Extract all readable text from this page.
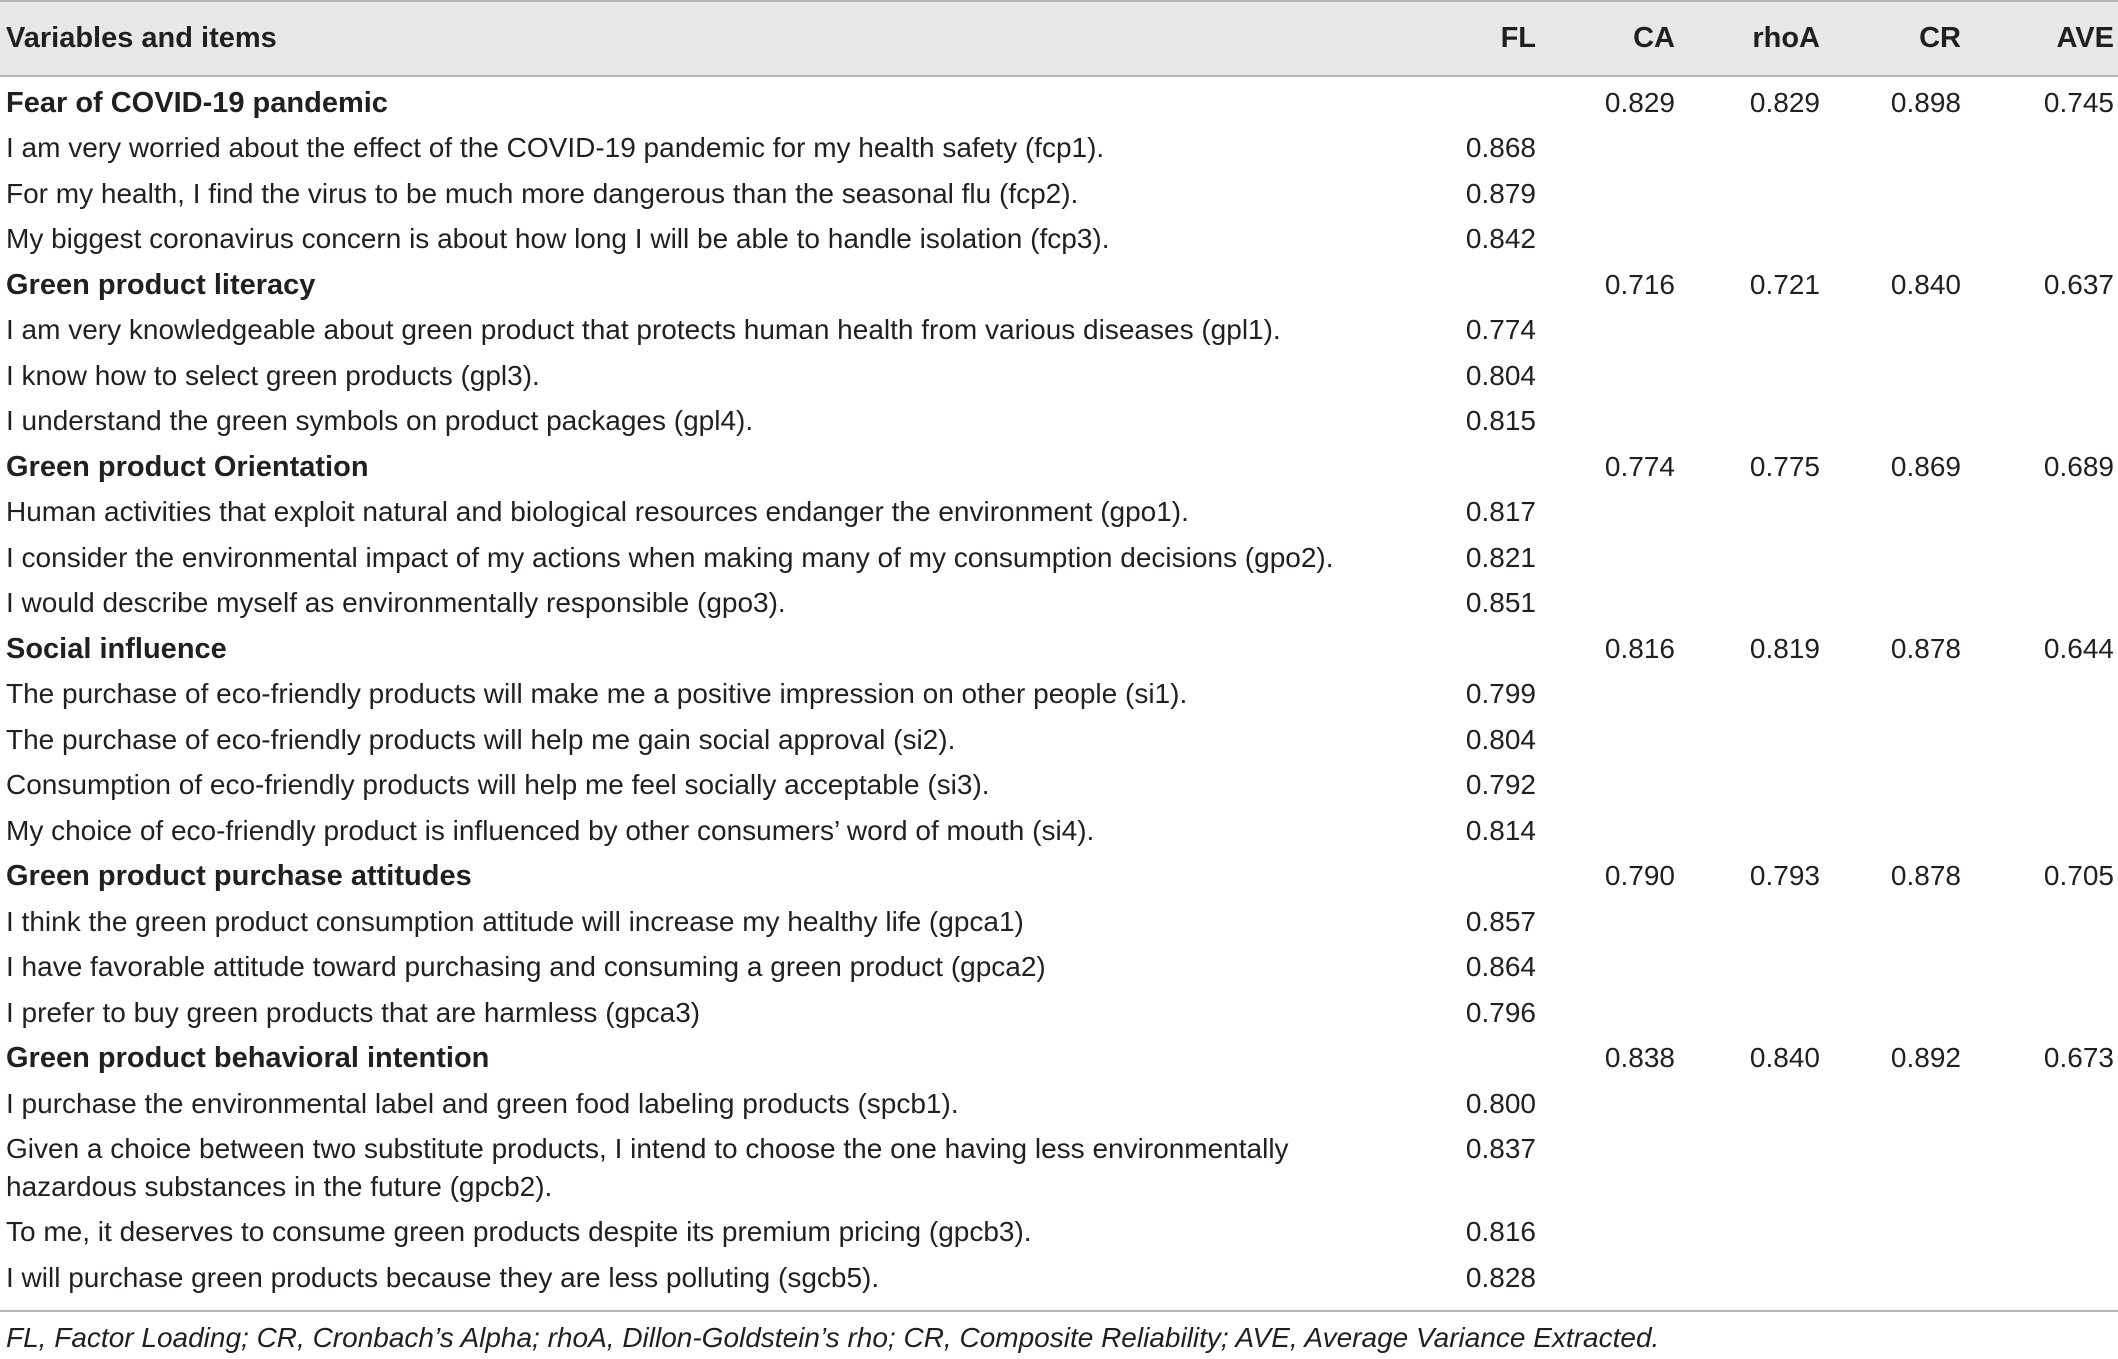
Variables and items	FL	CA	rhoA	CR	AVE
Fear of COVID-19 pandemic		0.829	0.829	0.898	0.745

I am very worried about the effect of the COVID-19 pandemic for my health safety (fcp1).	0.868				

For my health, I find the virus to be much more dangerous than the seasonal flu (fcp2).	0.879				

My biggest coronavirus concern is about how long I will be able to handle isolation (fcp3).	0.842				
Green product literacy		0.716	0.721	0.840	0.637

I am very knowledgeable about green product that protects human health from various diseases (gpl1).	0.774				

I know how to select green products (gpl3).	0.804				

I understand the green symbols on product packages (gpl4).	0.815				
Green product Orientation		0.774	0.775	0.869	0.689

Human activities that exploit natural and biological resources endanger the environment (gpo1).	0.817				

I consider the environmental impact of my actions when making many of my consumption decisions (gpo2).	0.821				

I would describe myself as environmentally responsible (gpo3).	0.851				
Social influence		0.816	0.819	0.878	0.644

The purchase of eco-friendly products will make me a positive impression on other people (si1).	0.799				

The purchase of eco-friendly products will help me gain social approval (si2).	0.804				

Consumption of eco-friendly products will help me feel socially acceptable (si3).	0.792				

My choice of eco-friendly product is influenced by other consumers’ word of mouth (si4).	0.814				
Green product purchase attitudes		0.790	0.793	0.878	0.705

I think the green product consumption attitude will increase my healthy life (gpca1)	0.857				

I have favorable attitude toward purchasing and consuming a green product (gpca2)	0.864				

I prefer to buy green products that are harmless (gpca3)	0.796				
Green product behavioral intention		0.838	0.840	0.892	0.673

I purchase the environmental label and green food labeling products (spcb1).	0.800				

Given a choice between two substitute products, I intend to choose the one having less environmentally hazardous substances in the future (gpcb2).	0.837				

To me, it deserves to consume green products despite its premium pricing (gpcb3).	0.816				

I will purchase green products because they are less polluting (sgcb5).	0.828				
FL, Factor Loading; CR, Cronbach’s Alpha; rhoA, Dillon-Goldstein’s rho; CR, Composite Reliability; AVE, Average Variance Extracted.
